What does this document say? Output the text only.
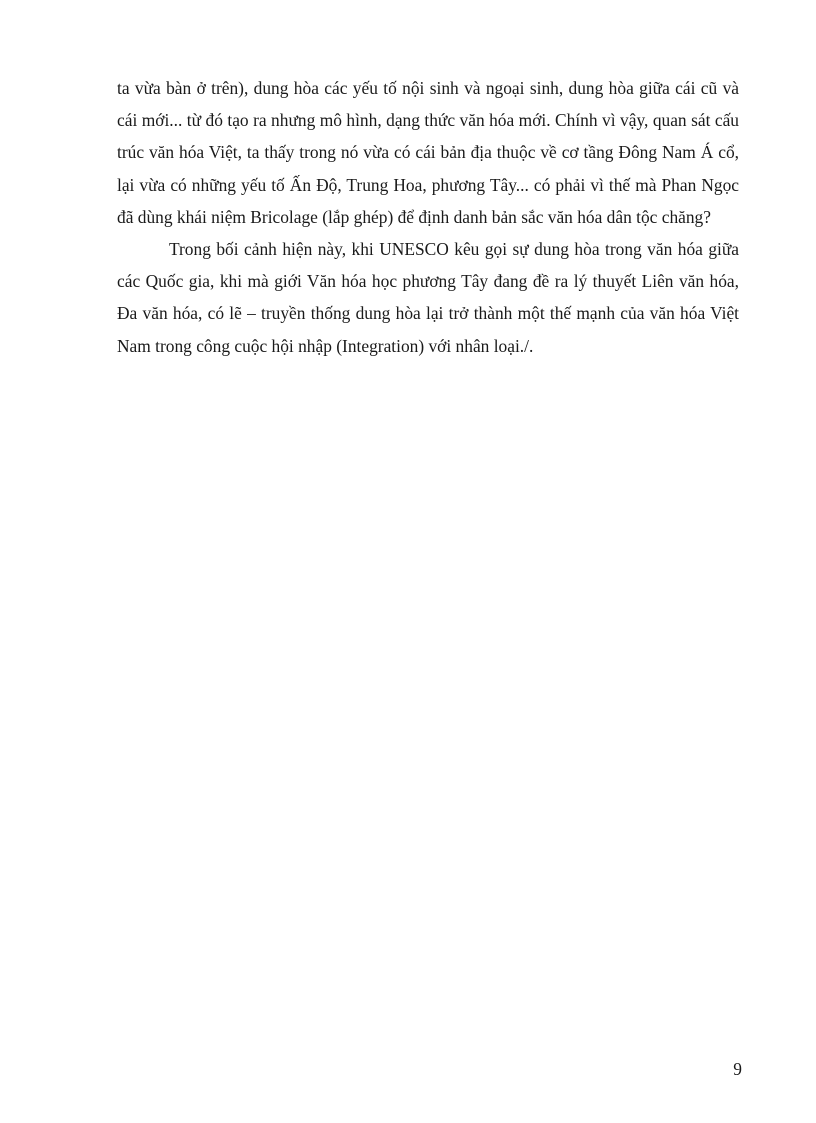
ta vừa bàn ở trên), dung hòa các yếu tố nội sinh và ngoại sinh, dung hòa giữa cái cũ và cái mới... từ đó tạo ra nhưng mô hình, dạng thức văn hóa mới. Chính vì vậy, quan sát cấu trúc văn hóa Việt, ta thấy trong nó vừa có cái bản địa thuộc về cơ tầng Đông Nam Á cổ, lại vừa có những yếu tố Ấn Độ, Trung Hoa, phương Tây... có phải vì thế mà Phan Ngọc đã dùng khái niệm Bricolage (lắp ghép) để định danh bản sắc văn hóa dân tộc chăng?

Trong bối cảnh hiện này, khi UNESCO kêu gọi sự dung hòa trong văn hóa giữa các Quốc gia, khi mà giới Văn hóa học phương Tây đang đề ra lý thuyết Liên văn hóa, Đa văn hóa, có lẽ – truyền thống dung hòa lại trở thành một thế mạnh của văn hóa Việt Nam trong công cuộc hội nhập (Integration) với nhân loại./.

9
